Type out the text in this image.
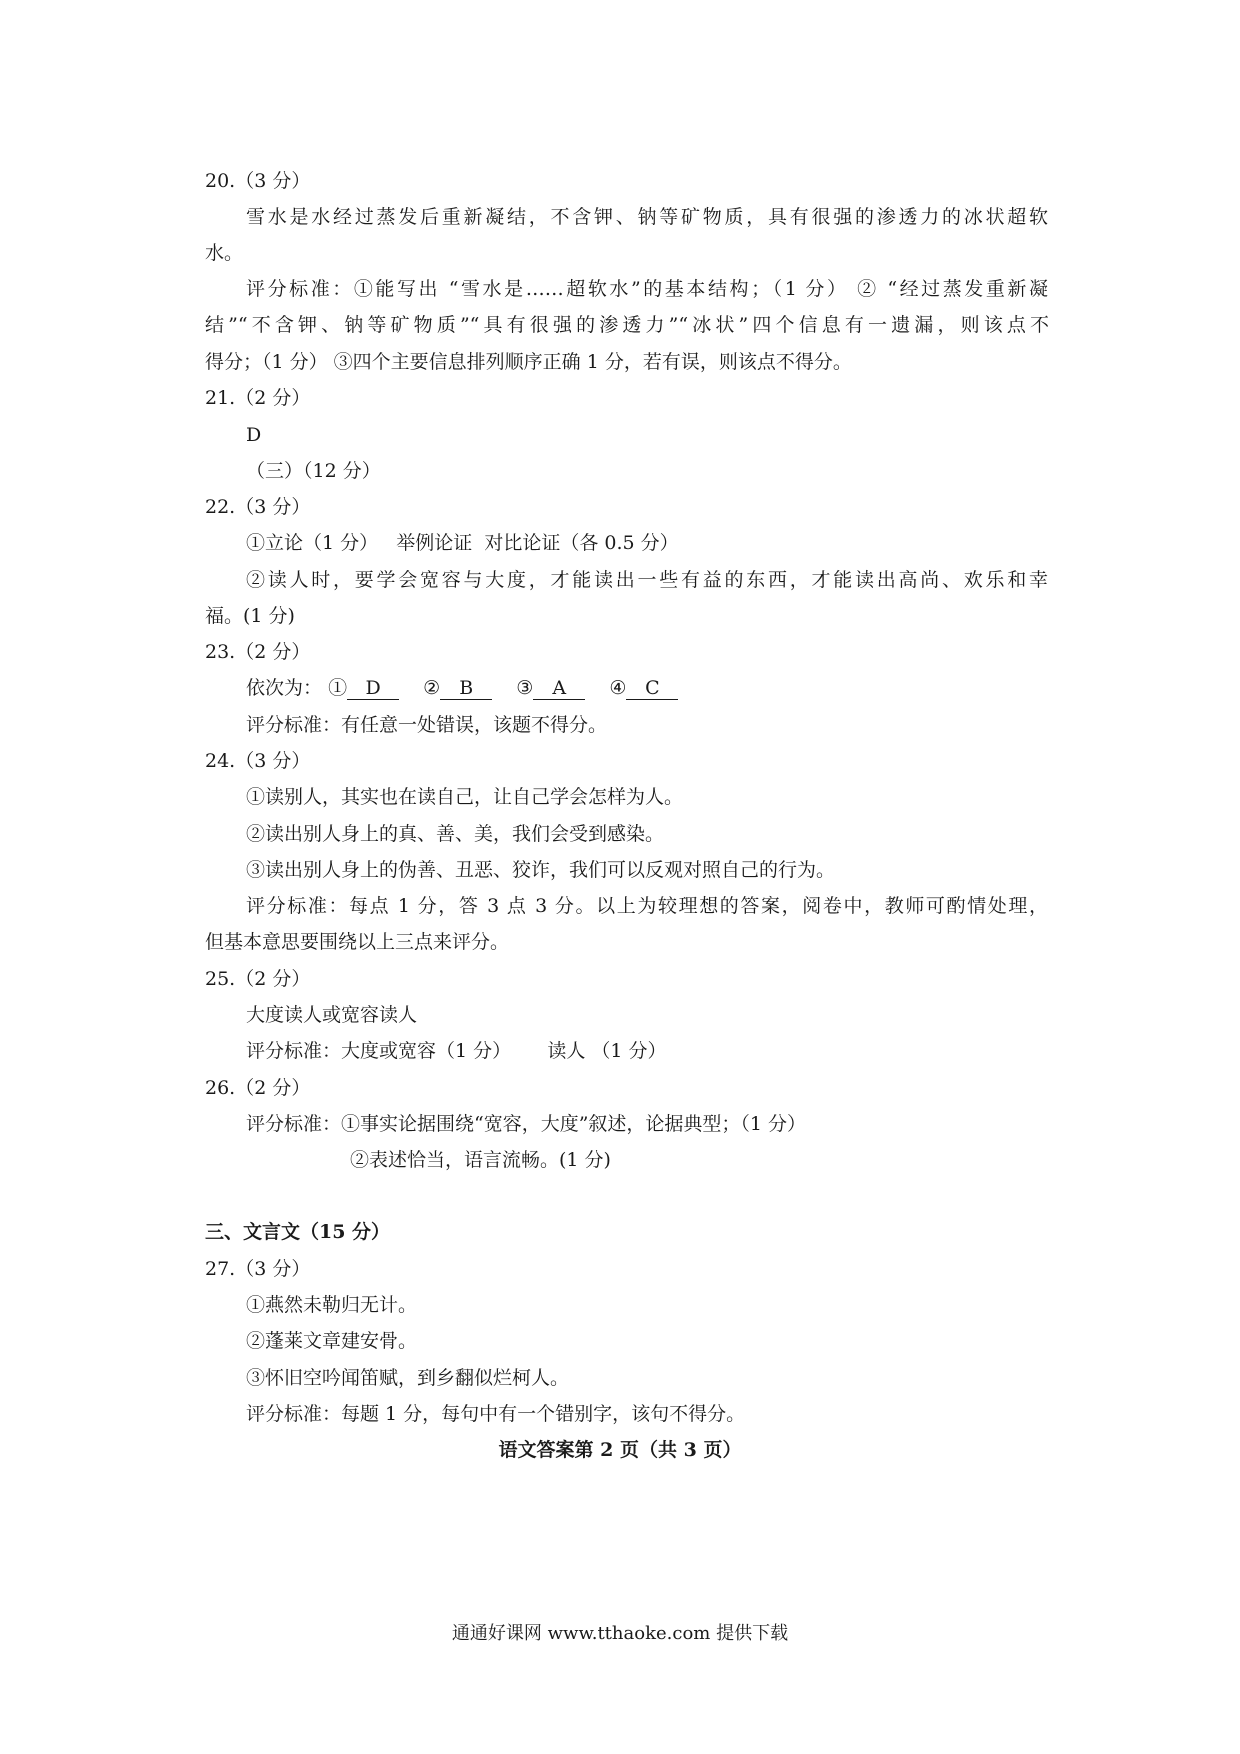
20.（3 分）
雪水是水经过蒸发后重新凝结，不含钾、钠等矿物质，具有很强的渗透力的冰状超软
水。
评分标准：①能写出 “雪水是……超软水”的基本结构；（1 分） ② “经过蒸发重新凝
结”“不含钾、钠等矿物质”“具有很强的渗透力”“冰状”四个信息有一遗漏，则该点不
得分；（1 分） ③四个主要信息排列顺序正确 1 分，若有误，则该点不得分。
21.（2 分）
D
（三）（12 分）
22.（3 分）
①立论（1 分）   举例论证  对比论证（各 0.5 分）
②读人时，要学会宽容与大度，才能读出一些有益的东西，才能读出高尚、欢乐和幸
福。(1 分)
23.（2 分）
依次为： ① D ② B ③ A ④ C
评分标准：有任意一处错误，该题不得分。
24.（3 分）
①读别人，其实也在读自己，让自己学会怎样为人。
②读出别人身上的真、善、美，我们会受到感染。
③读出别人身上的伪善、丑恶、狡诈，我们可以反观对照自己的行为。
评分标准：每点 1 分，答 3 点 3 分。以上为较理想的答案，阅卷中，教师可酌情处理，
但基本意思要围绕以上三点来评分。
25.（2 分）
大度读人或宽容读人
评分标准：大度或宽容（1 分）      读人 （1 分）
26.（2 分）
评分标准：①事实论据围绕“宽容，大度”叙述，论据典型；（1 分）
②表述恰当，语言流畅。(1 分)
三、文言文（15 分）
27.（3 分）
①燕然未勒归无计。
②蓬莱文章建安骨。
③怀旧空吟闻笛赋，到乡翻似烂柯人。
评分标准：每题 1 分，每句中有一个错别字，该句不得分。
语文答案第 2 页（共 3 页）
通通好课网 www.tthaoke.com 提供下载
